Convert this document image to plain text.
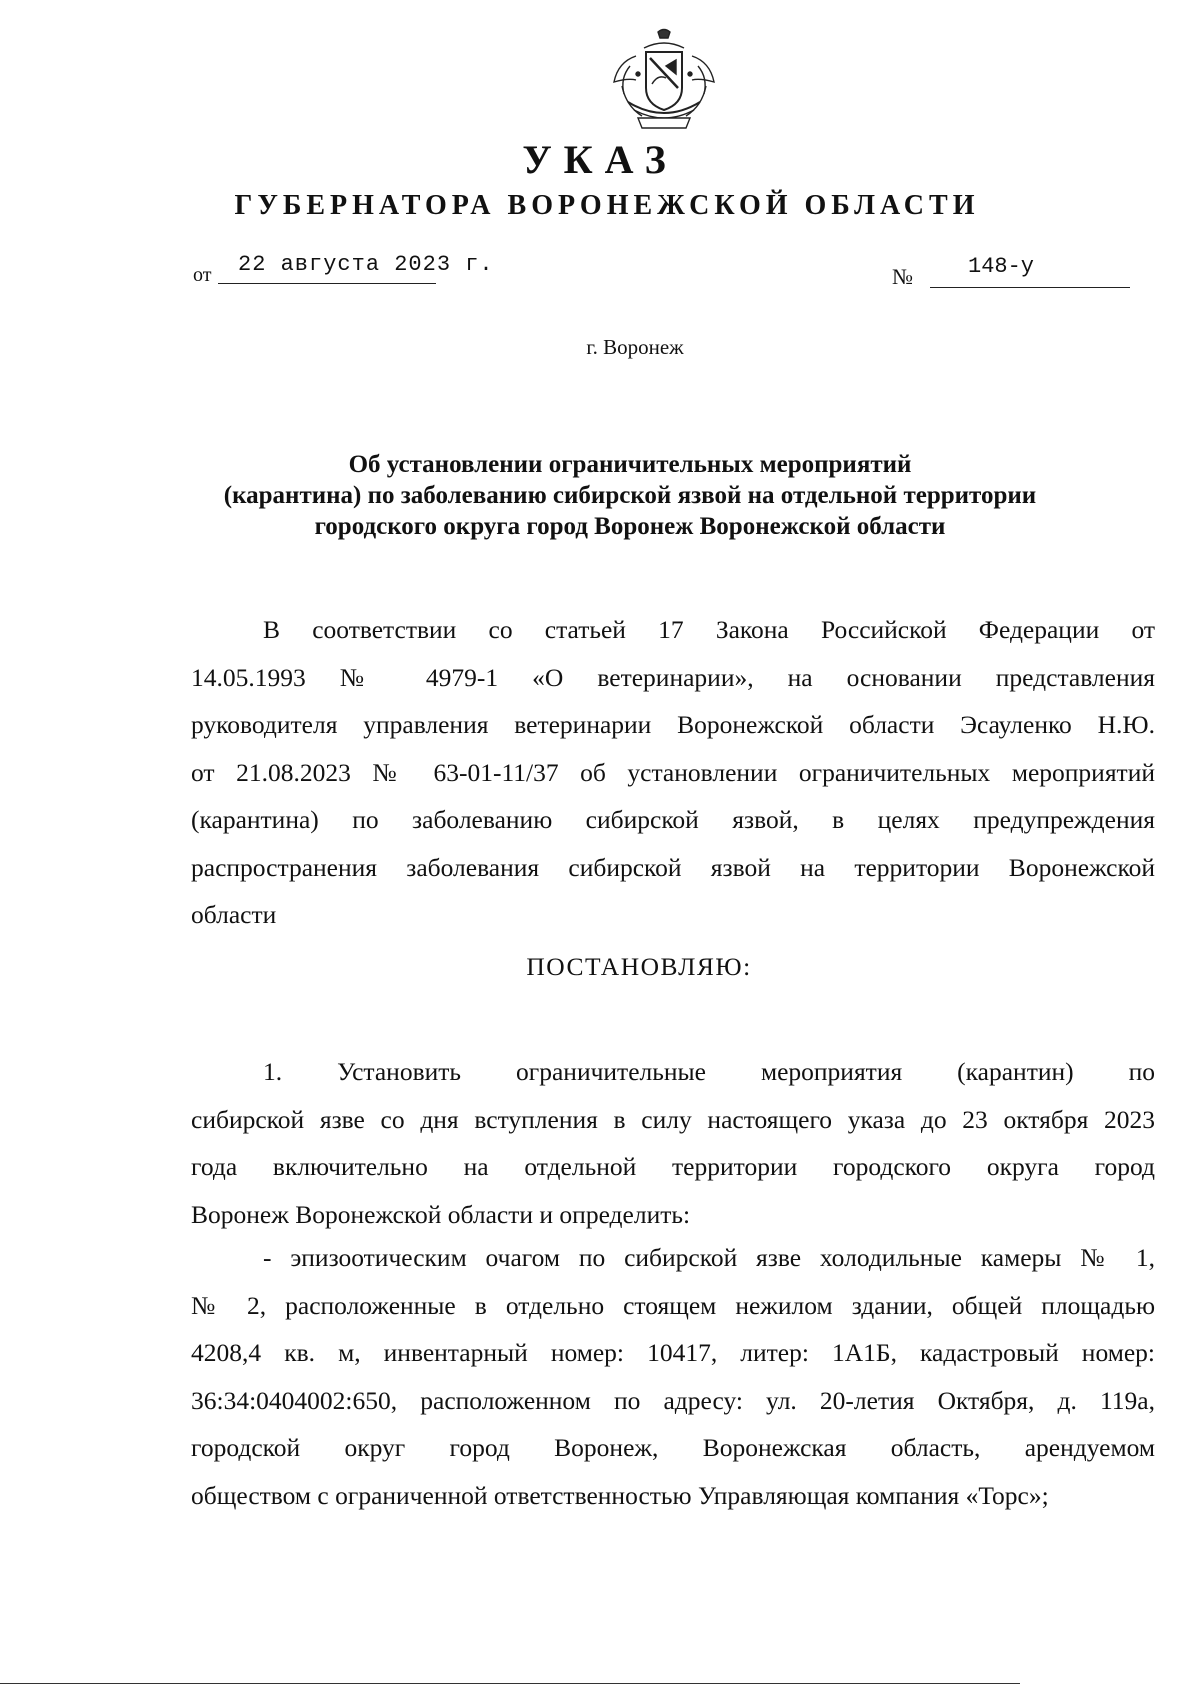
УКАЗ
ГУБЕРНАТОРА ВОРОНЕЖСКОЙ ОБЛАСТИ
от 22 августа 2023 г.	№	148-у
г. Воронеж
Об установлении ограничительных мероприятий
(карантина) по заболеванию сибирской язвой на отдельной территории
городского округа город Воронеж Воронежской области
В соответствии со статьей 17 Закона Российской Федерации от
14.05.1993 № 4979-1 «О ветеринарии», на основании представления
руководителя управления ветеринарии Воронежской области Эсауленко Н.Ю.
от 21.08.2023 № 63-01-11/37 об установлении ограничительных мероприятий
(карантина) по заболеванию сибирской язвой, в целях предупреждения
распространения заболевания сибирской язвой на территории Воронежской
области
ПОСТАНОВЛЯЮ:
1. Установить ограничительные мероприятия (карантин) по
сибирской язве со дня вступления в силу настоящего указа до 23 октября 2023
года включительно на отдельной территории городского округа город
Воронеж Воронежской области и определить:
- эпизоотическим очагом по сибирской язве холодильные камеры № 1,
№ 2, расположенные в отдельно стоящем нежилом здании, общей площадью
4208,4 кв. м, инвентарный номер: 10417, литер: 1А1Б, кадастровый номер:
36:34:0404002:650, расположенном по адресу: ул. 20-летия Октября, д. 119а,
городской округ город Воронеж, Воронежская область, арендуемом
обществом с ограниченной ответственностью Управляющая компания «Торс»;
